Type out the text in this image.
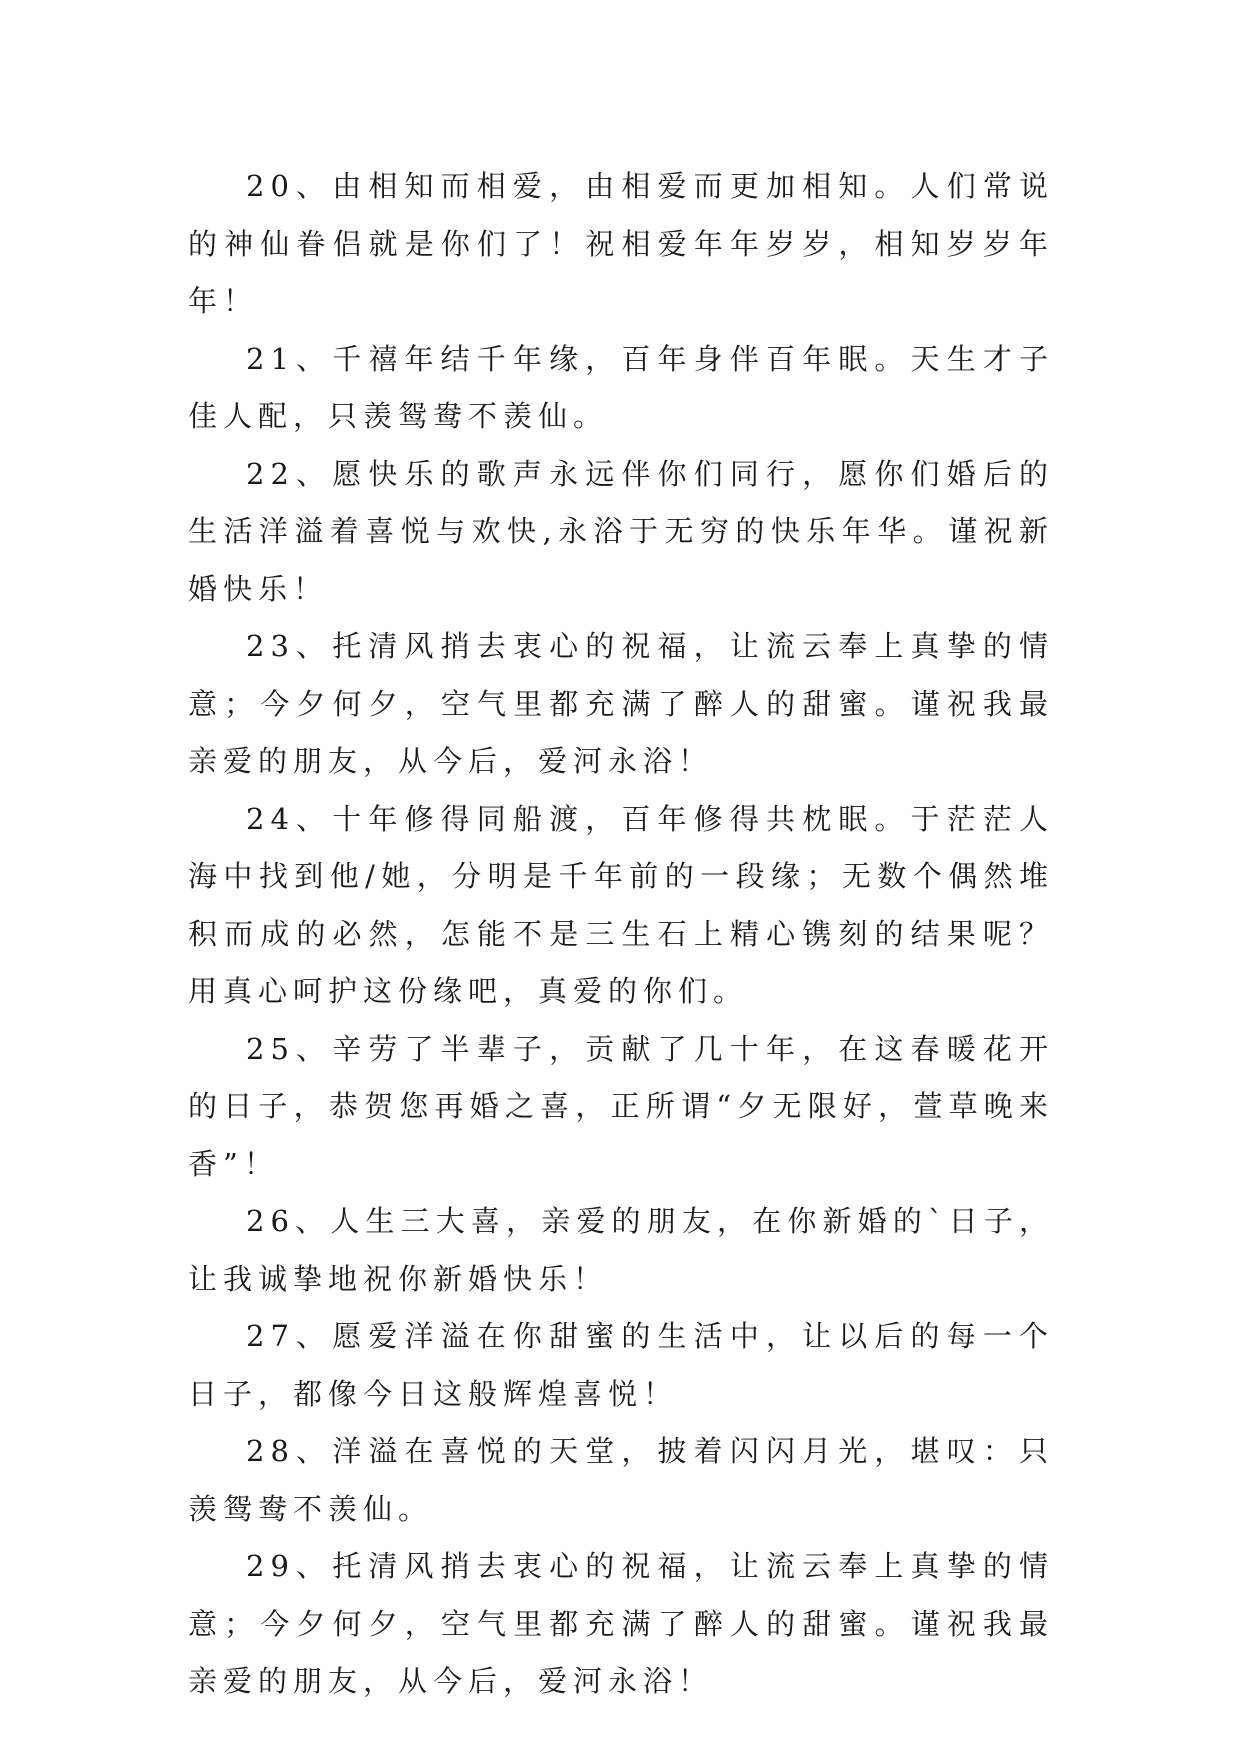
20、由相知而相爱，由相爱而更加相知。人们常说的神仙眷侣就是你们了！祝相爱年年岁岁，相知岁岁年年！

21、千禧年结千年缘，百年身伴百年眠。天生才子佳人配，只羡鸳鸯不羡仙。

22、愿快乐的歌声永远伴你们同行，愿你们婚后的生活洋溢着喜悦与欢快,永浴于无穷的快乐年华。谨祝新婚快乐！

23、托清风捎去衷心的祝福，让流云奉上真挚的情意；今夕何夕，空气里都充满了醉人的甜蜜。谨祝我最亲爱的朋友，从今后，爱河永浴！

24、十年修得同船渡，百年修得共枕眠。于茫茫人海中找到他/她，分明是千年前的一段缘；无数个偶然堆积而成的必然，怎能不是三生石上精心镌刻的结果呢？用真心呵护这份缘吧，真爱的你们。

25、辛劳了半辈子，贡献了几十年，在这春暖花开的日子，恭贺您再婚之喜，正所谓“夕无限好，萱草晚来香”！

26、人生三大喜，亲爱的朋友，在你新婚的`日子，让我诚挚地祝你新婚快乐！

27、愿爱洋溢在你甜蜜的生活中，让以后的每一个日子，都像今日这般辉煌喜悦！

28、洋溢在喜悦的天堂，披着闪闪月光，堪叹：只羡鸳鸯不羡仙。

29、托清风捎去衷心的祝福，让流云奉上真挚的情意；今夕何夕，空气里都充满了醉人的甜蜜。谨祝我最亲爱的朋友，从今后，爱河永浴！
